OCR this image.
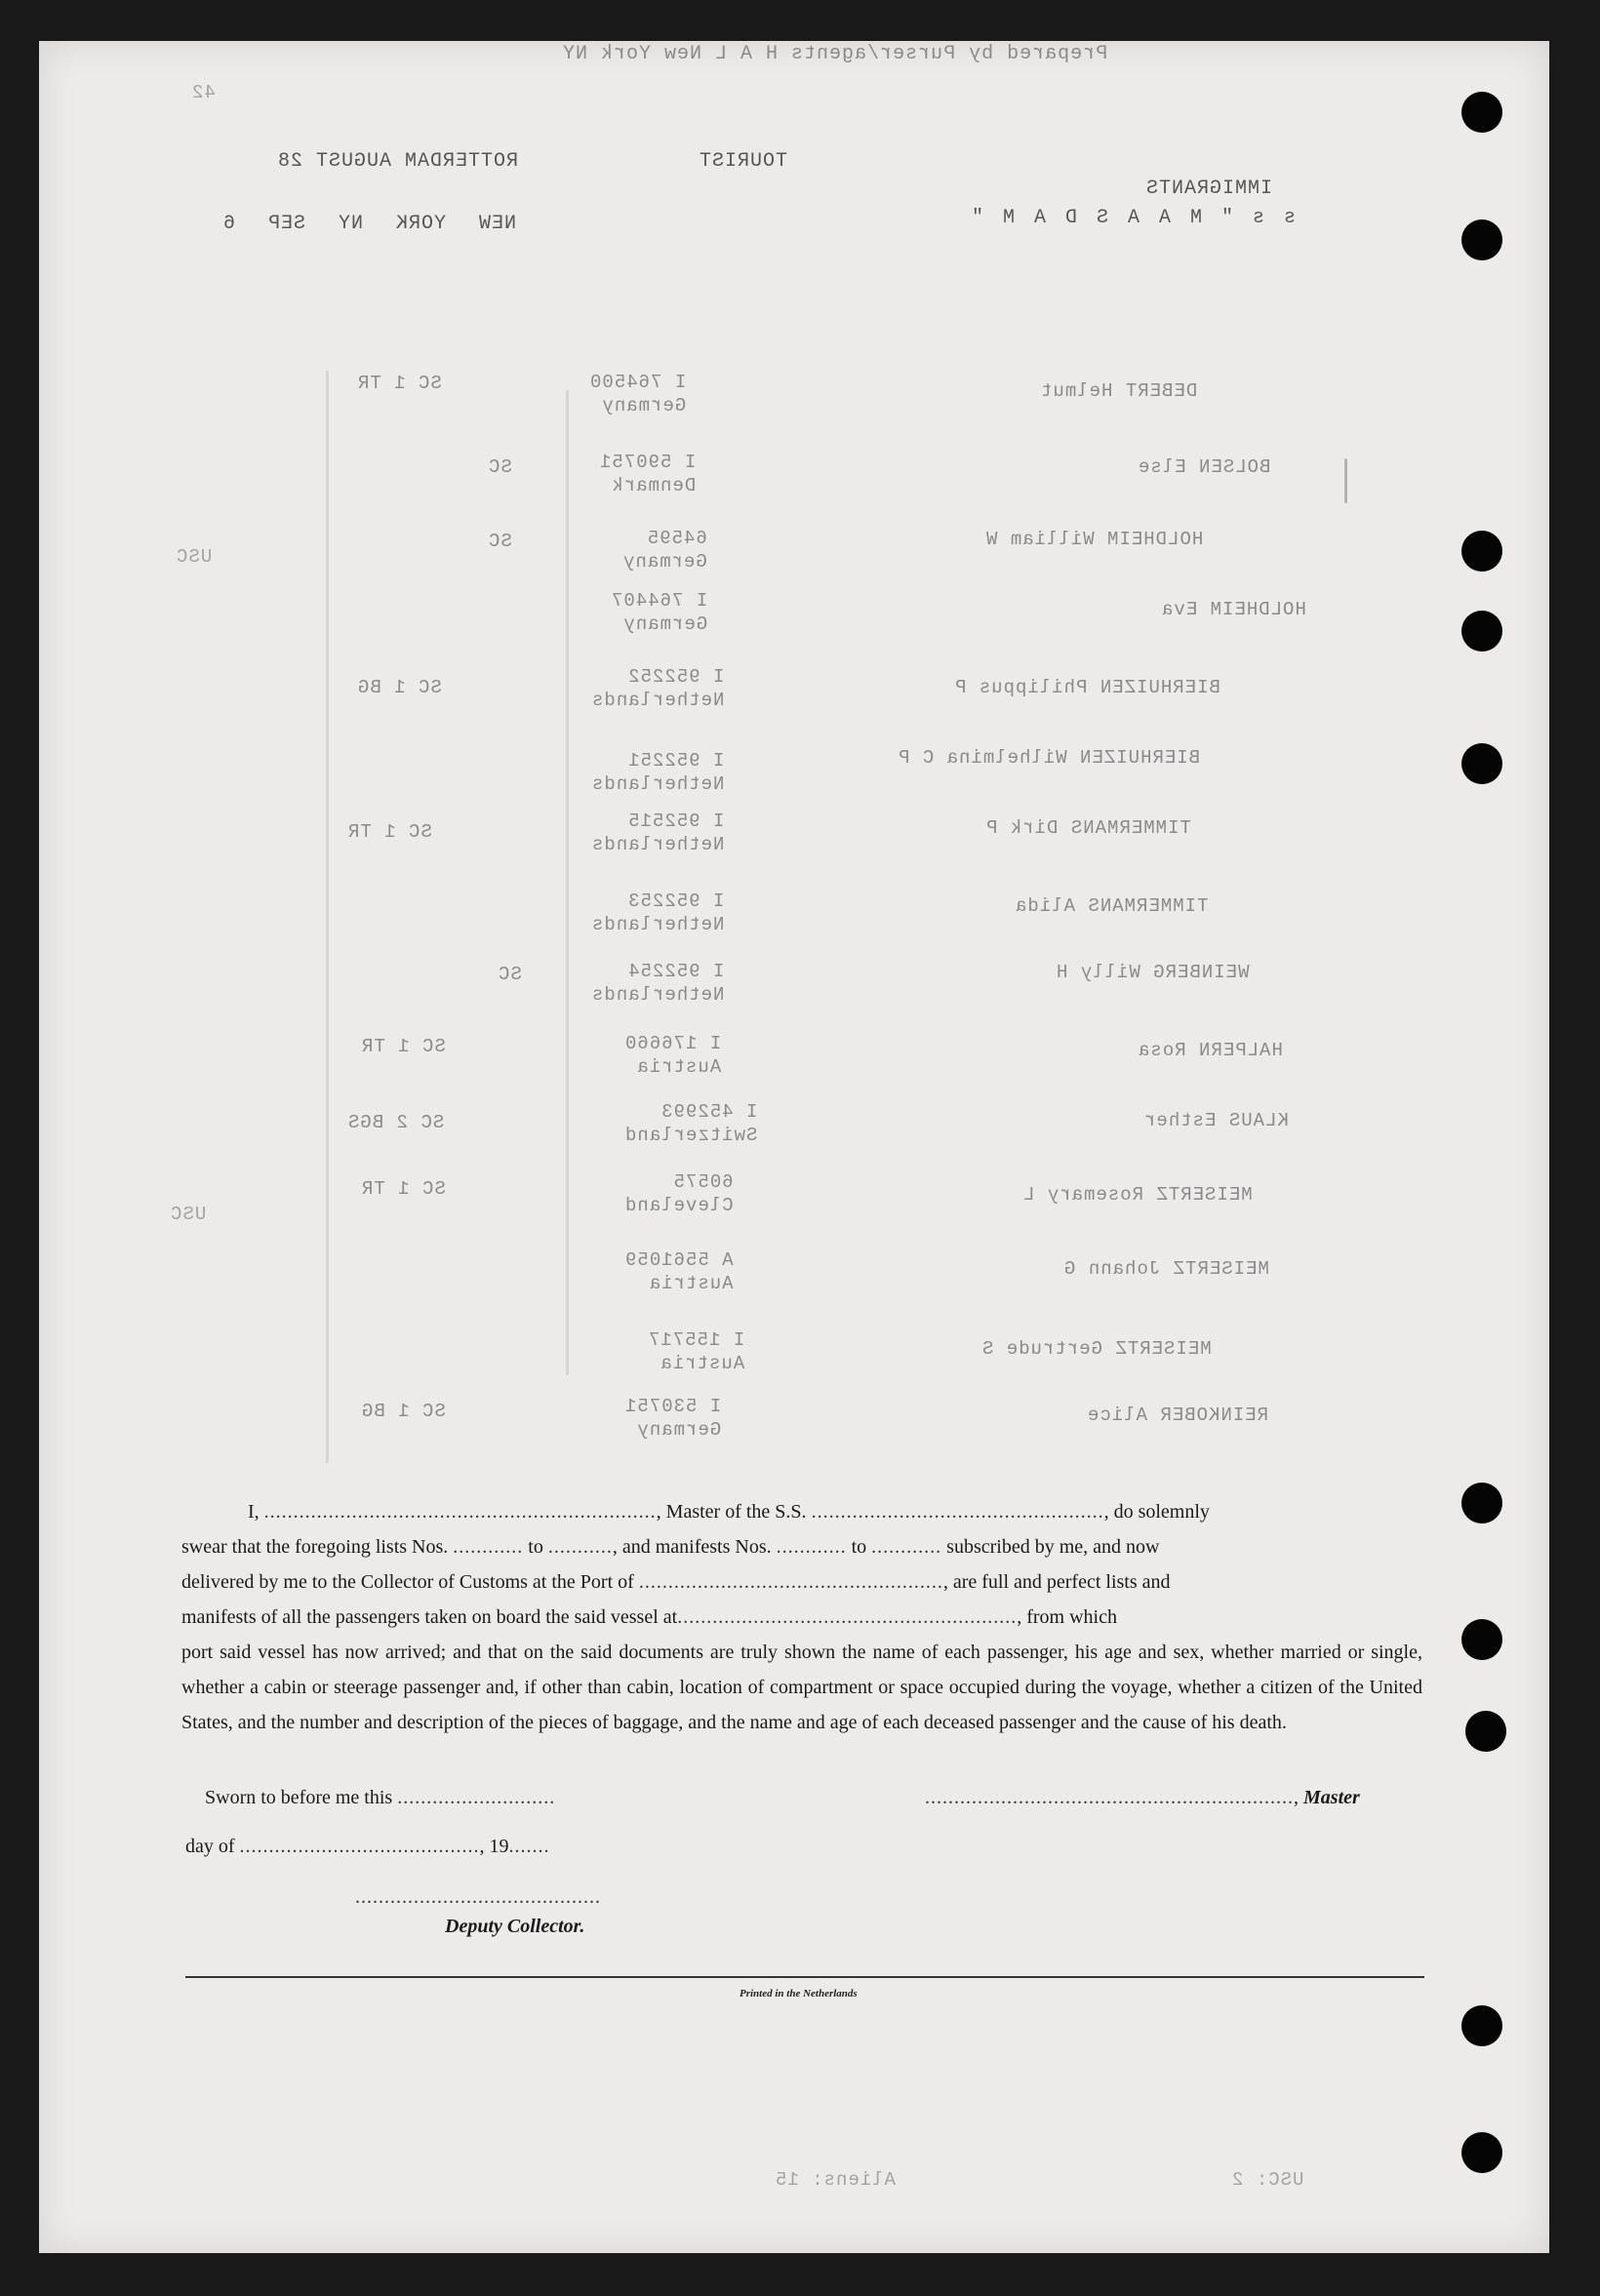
Prepared by Purser/agents H A L New York NY
42
IMMIGRANTS
s s " M A A S D A M "
ROTTERDAM AUGUST 28	TOURIST
NEW YORK NY SEP 6
DEBERT Helmut
I 764500
Germany
SC 1 TR
BOLSEN Else
I 590751
Denmark
SC
HOLDHEIM William W
64595
Germany
SC
HOLDHEIM Eva
I 764407
Germany
BIERHUIZEN Philippus P
I 952252
Netherlands
SC 1 BG
BIERHUIZEN Wilhelmina C P
I 952251
Netherlands
TIMMERMANS Dirk P
I 952515
Netherlands
SC 1 TR
TIMMERMANS Alida
I 952253
Netherlands
WEINBERG Willy H
I 952254
Netherlands
SC
HALPERN Rosa
I 176660
Austria
SC 1 TR
KLAUS Esther
I 452993
Switzerland
SC 2 BGS
MEISERTZ Rosemary L
60575
Cleveland
SC 1 TR
MEISERTZ Johann G
A 5561059
Austria
MEISERTZ Gertrude S
I 155717
Austria
REINKOBER Alice
I 530751
Germany
SC 1 BG
USC
USC
USC: 2
Aliens: 15

I, ..................................................................., Master of the S.S. .................................................., do solemnly

swear that the foregoing lists Nos. ............ to ..........., and manifests Nos. ............ to ............ subscribed by me, and now

delivered by me to the Collector of Customs at the Port of ...................................................., are full and perfect lists and

manifests of all the passengers taken on board the said vessel at.........................................................., from which

port said vessel has now arrived; and that on the said documents are truly shown the name of each passenger, his age and sex, whether married or single, whether a cabin or steerage passenger and, if other than cabin, location of compartment or space occupied during the voyage, whether a citizen of the United States, and the number and description of the pieces of baggage, and the name and age of each deceased passenger and the cause of his death.

Sworn to before me this ...........................	..............................................................., Master
day of ........................................., 19.......
..........................................
Deputy Collector.
Printed in the Netherlands
